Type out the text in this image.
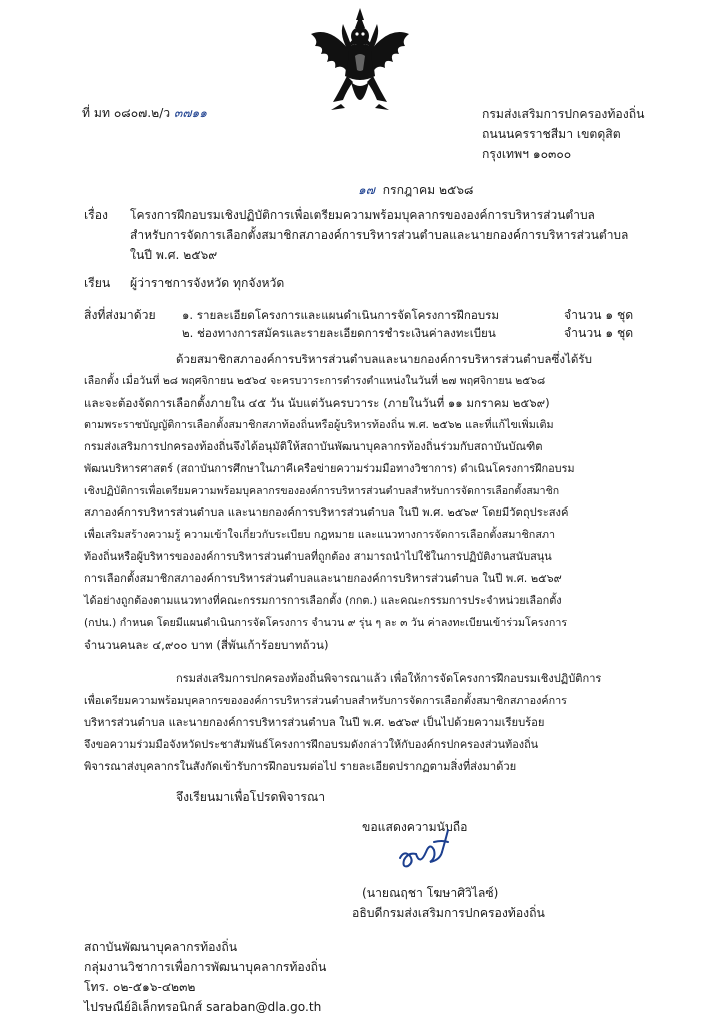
ที่ มท ๐๘๐๗.๒/ว ๓๗๑๑	กรมส่งเสริมการปกครองท้องถิ่น
ถนนนครราชสีมา เขตดุสิต
กรุงเทพฯ ๑๐๓๐๐
๑๗ กรกฎาคม ๒๕๖๘
เรื่อง โครงการฝึกอบรมเชิงปฏิบัติการเพื่อเตรียมความพร้อมบุคลากรขององค์การบริหารส่วนตำบล
สำหรับการจัดการเลือกตั้งสมาชิกสภาองค์การบริหารส่วนตำบลและนายกองค์การบริหารส่วนตำบล
ในปี พ.ศ. ๒๕๖๙
เรียน ผู้ว่าราชการจังหวัด ทุกจังหวัด
สิ่งที่ส่งมาด้วย ๑. รายละเอียดโครงการและแผนดำเนินการจัดโครงการฝึกอบรม	จำนวน ๑ ชุด
๒. ช่องทางการสมัครและรายละเอียดการชำระเงินค่าลงทะเบียน	จำนวน ๑ ชุด
ด้วยสมาชิกสภาองค์การบริหารส่วนตำบลและนายกองค์การบริหารส่วนตำบลซึ่งได้รับ
เลือกตั้ง เมื่อวันที่ ๒๘ พฤศจิกายน ๒๕๖๔ จะครบวาระการดำรงตำแหน่งในวันที่ ๒๗ พฤศจิกายน ๒๕๖๘
และจะต้องจัดการเลือกตั้งภายใน ๔๕ วัน นับแต่วันครบวาระ (ภายในวันที่ ๑๑ มกราคม ๒๕๖๙)
ตามพระราชบัญญัติการเลือกตั้งสมาชิกสภาท้องถิ่นหรือผู้บริหารท้องถิ่น พ.ศ. ๒๕๖๒ และที่แก้ไขเพิ่มเติม
กรมส่งเสริมการปกครองท้องถิ่นจึงได้อนุมัติให้สถาบันพัฒนาบุคลากรท้องถิ่นร่วมกับสถาบันบัณฑิต
พัฒนบริหารศาสตร์ (สถาบันการศึกษาในภาคีเครือข่ายความร่วมมือทางวิชาการ) ดำเนินโครงการฝึกอบรม
เชิงปฏิบัติการเพื่อเตรียมความพร้อมบุคลากรขององค์การบริหารส่วนตำบลสำหรับการจัดการเลือกตั้งสมาชิก
สภาองค์การบริหารส่วนตำบล และนายกองค์การบริหารส่วนตำบล ในปี พ.ศ. ๒๕๖๙ โดยมีวัตถุประสงค์
เพื่อเสริมสร้างความรู้ ความเข้าใจเกี่ยวกับระเบียบ กฎหมาย และแนวทางการจัดการเลือกตั้งสมาชิกสภา
ท้องถิ่นหรือผู้บริหารขององค์การบริหารส่วนตำบลที่ถูกต้อง สามารถนำไปใช้ในการปฏิบัติงานสนับสนุน
การเลือกตั้งสมาชิกสภาองค์การบริหารส่วนตำบลและนายกองค์การบริหารส่วนตำบล ในปี พ.ศ. ๒๕๖๙
ได้อย่างถูกต้องตามแนวทางที่คณะกรรมการการเลือกตั้ง (กกต.) และคณะกรรมการประจำหน่วยเลือกตั้ง
(กปน.) กำหนด โดยมีแผนดำเนินการจัดโครงการ จำนวน ๙ รุ่น ๆ ละ ๓ วัน ค่าลงทะเบียนเข้าร่วมโครงการ
จำนวนคนละ ๔,๙๐๐ บาท (สี่พันเก้าร้อยบาทถ้วน)
กรมส่งเสริมการปกครองท้องถิ่นพิจารณาแล้ว เพื่อให้การจัดโครงการฝึกอบรมเชิงปฏิบัติการ
เพื่อเตรียมความพร้อมบุคลากรขององค์การบริหารส่วนตำบลสำหรับการจัดการเลือกตั้งสมาชิกสภาองค์การ
บริหารส่วนตำบล และนายกองค์การบริหารส่วนตำบล ในปี พ.ศ. ๒๕๖๙ เป็นไปด้วยความเรียบร้อย
จึงขอความร่วมมือจังหวัดประชาสัมพันธ์โครงการฝึกอบรมดังกล่าวให้กับองค์กรปกครองส่วนท้องถิ่น
พิจารณาส่งบุคลากรในสังกัดเข้ารับการฝึกอบรมต่อไป รายละเอียดปรากฏตามสิ่งที่ส่งมาด้วย
จึงเรียนมาเพื่อโปรดพิจารณา
ขอแสดงความนับถือ
(นายณฤชา โฆษาศิวิไลซ์)
อธิบดีกรมส่งเสริมการปกครองท้องถิ่น
สถาบันพัฒนาบุคลากรท้องถิ่น
กลุ่มงานวิชาการเพื่อการพัฒนาบุคลากรท้องถิ่น
โทร. ๐๒-๕๑๖-๔๒๓๒
ไปรษณีย์อิเล็กทรอนิกส์ saraban@dla.go.th
